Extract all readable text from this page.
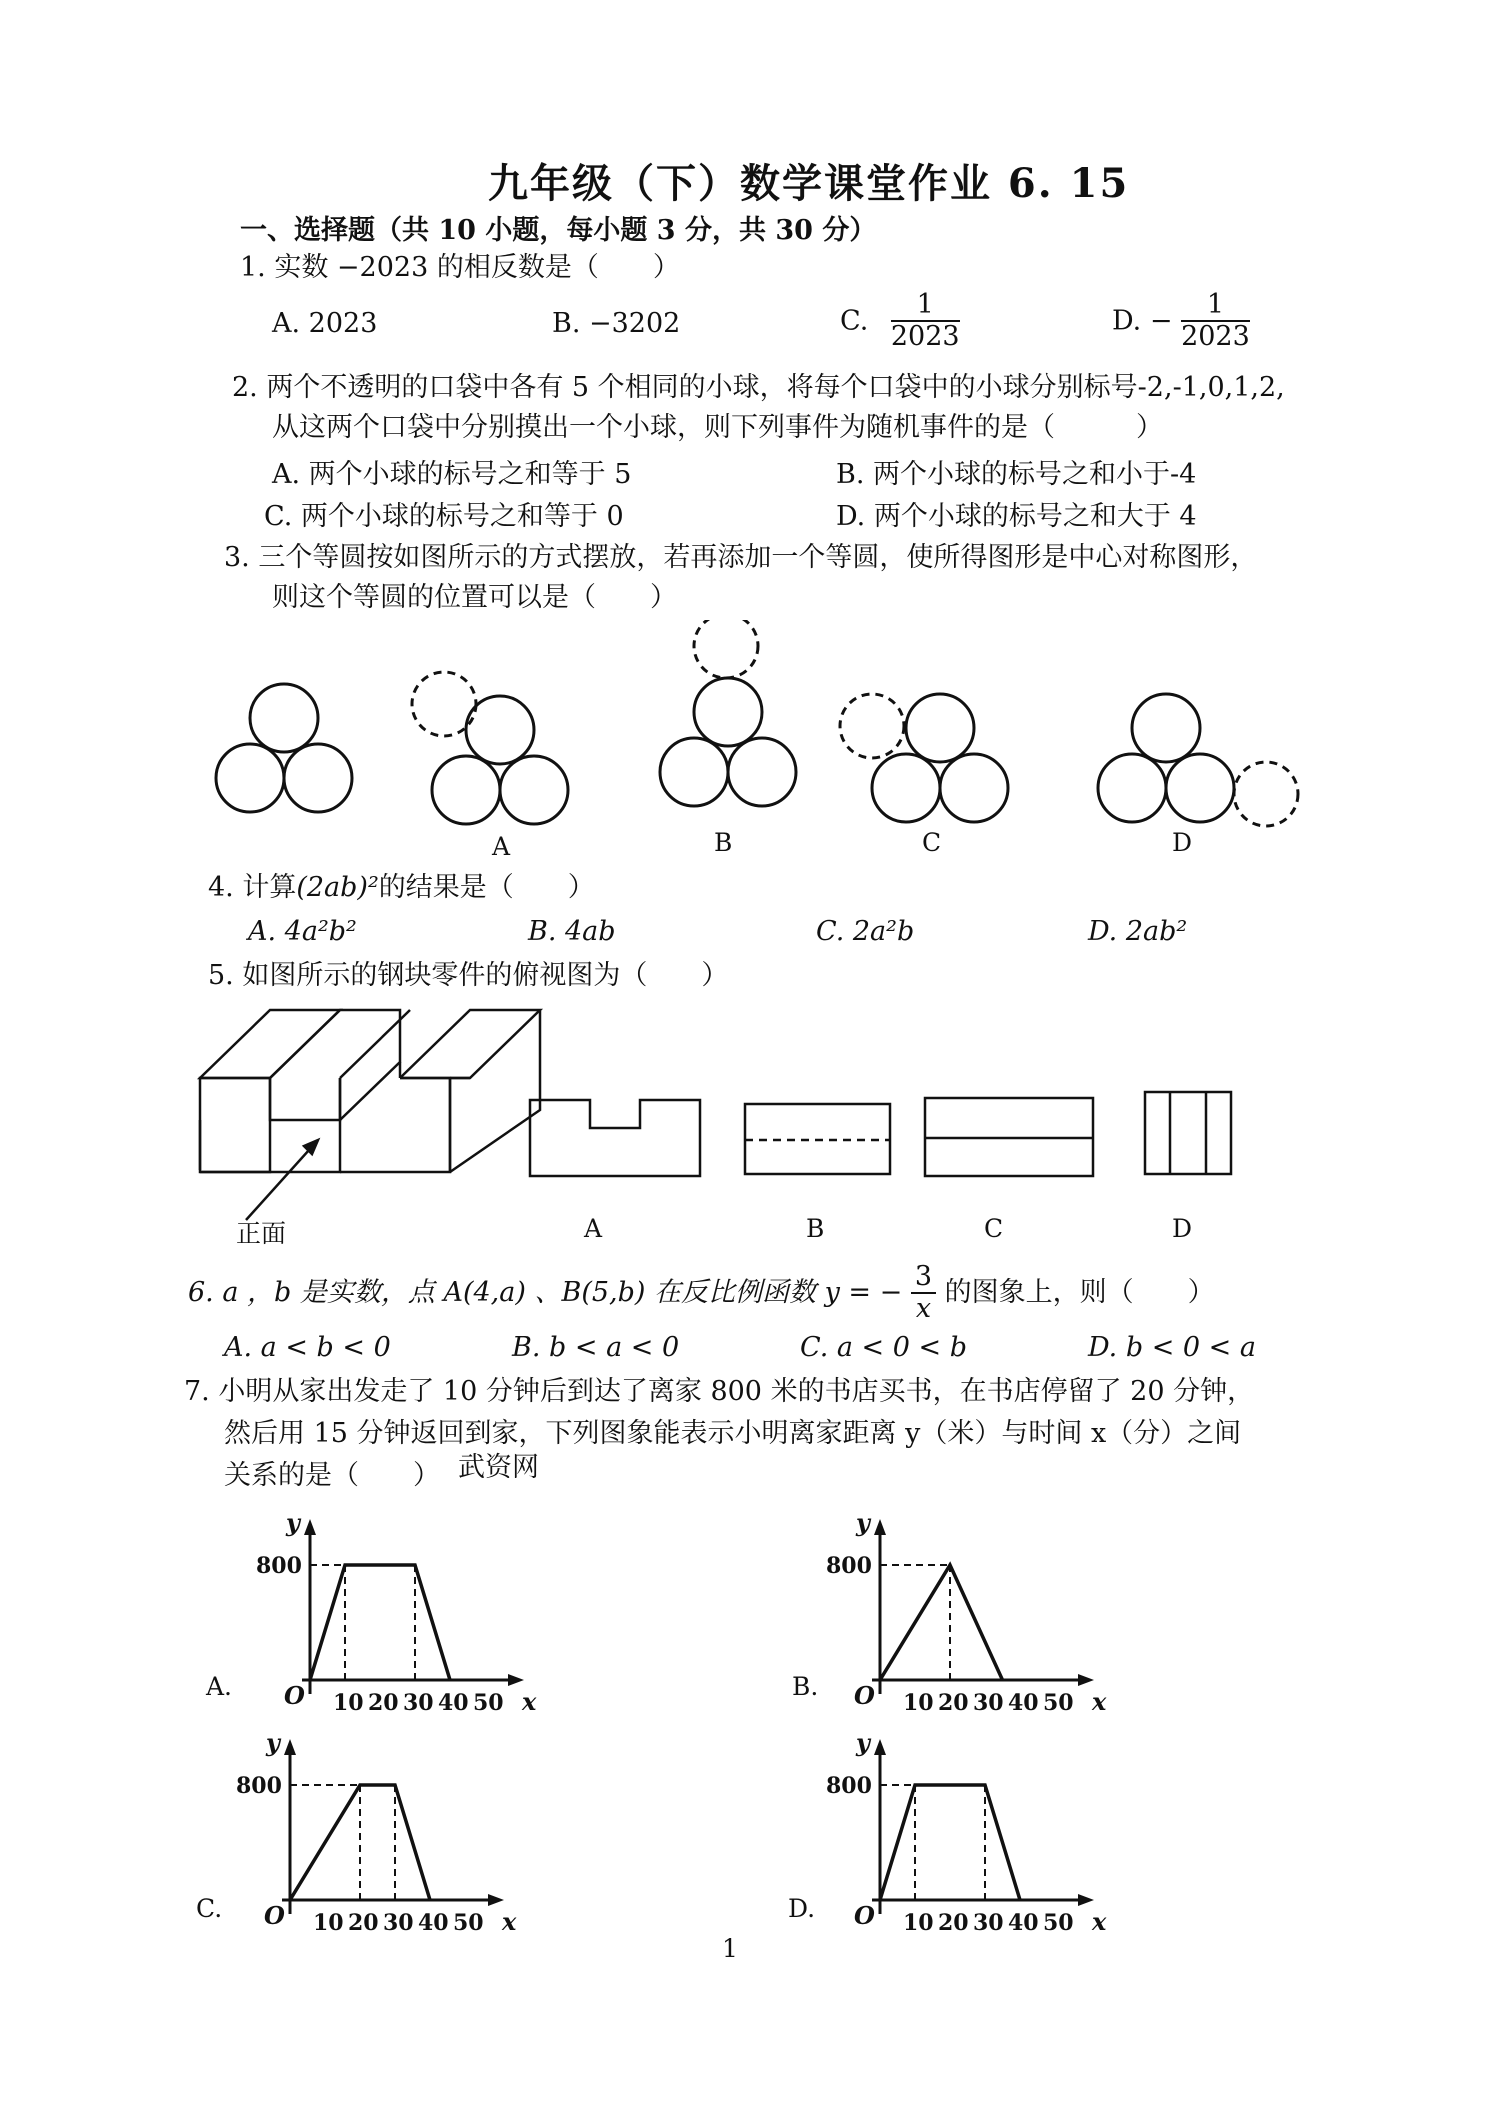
九年级（下）数学课堂作业 6. 15
一、选择题（共 10 小题，每小题 3 分，共 30 分）
1. 实数 −2023 的相反数是（　　）
A. 2023	B. −3202	C. $\frac{1}{2023}$	D. − $\frac{1}{2023}$
2. 两个不透明的口袋中各有 5 个相同的小球，将每个口袋中的小球分别标号-2,-1,0,1,2,
从这两个口袋中分别摸出一个小球，则下列事件为随机事件的是（　　　）
A. 两个小球的标号之和等于 5	B. 两个小球的标号之和小于-4
C. 两个小球的标号之和等于 0	D. 两个小球的标号之和大于 4
3. 三个等圆按如图所示的方式摆放，若再添加一个等圆，使所得图形是中心对称图形，
则这个等圆的位置可以是（　　）
A	B	C	D
4. 计算(2ab)²的结果是（　　）
A. 4a²b²	B. 4ab	C. 2a²b	D. 2ab²
5. 如图所示的钢块零件的俯视图为（　　）
正面	A	B	C	D
6. a ，b 是实数，点 A(4,a) 、B(5,b) 在反比例函数 y = − $\frac{3}{x}$ 的图象上，则（　　）
A. a < b < 0	B. b < a < 0	C. a < 0 < b	D. b < 0 < a
7. 小明从家出发走了 10 分钟后到达了离家 800 米的书店买书，在书店停留了 20 分钟，
然后用 15 分钟返回到家，下列图象能表示小明离家距离 y（米）与时间 x（分）之间
关系的是（　　） 武资网
y
x
O
800
10 20 30 40 50
y
x
O
800
10 20 30 40 50
y
x
O
800
10 20 30 40 50
y
x
O
800
10 20 30 40 50
A.	B.
C.	D.
1
